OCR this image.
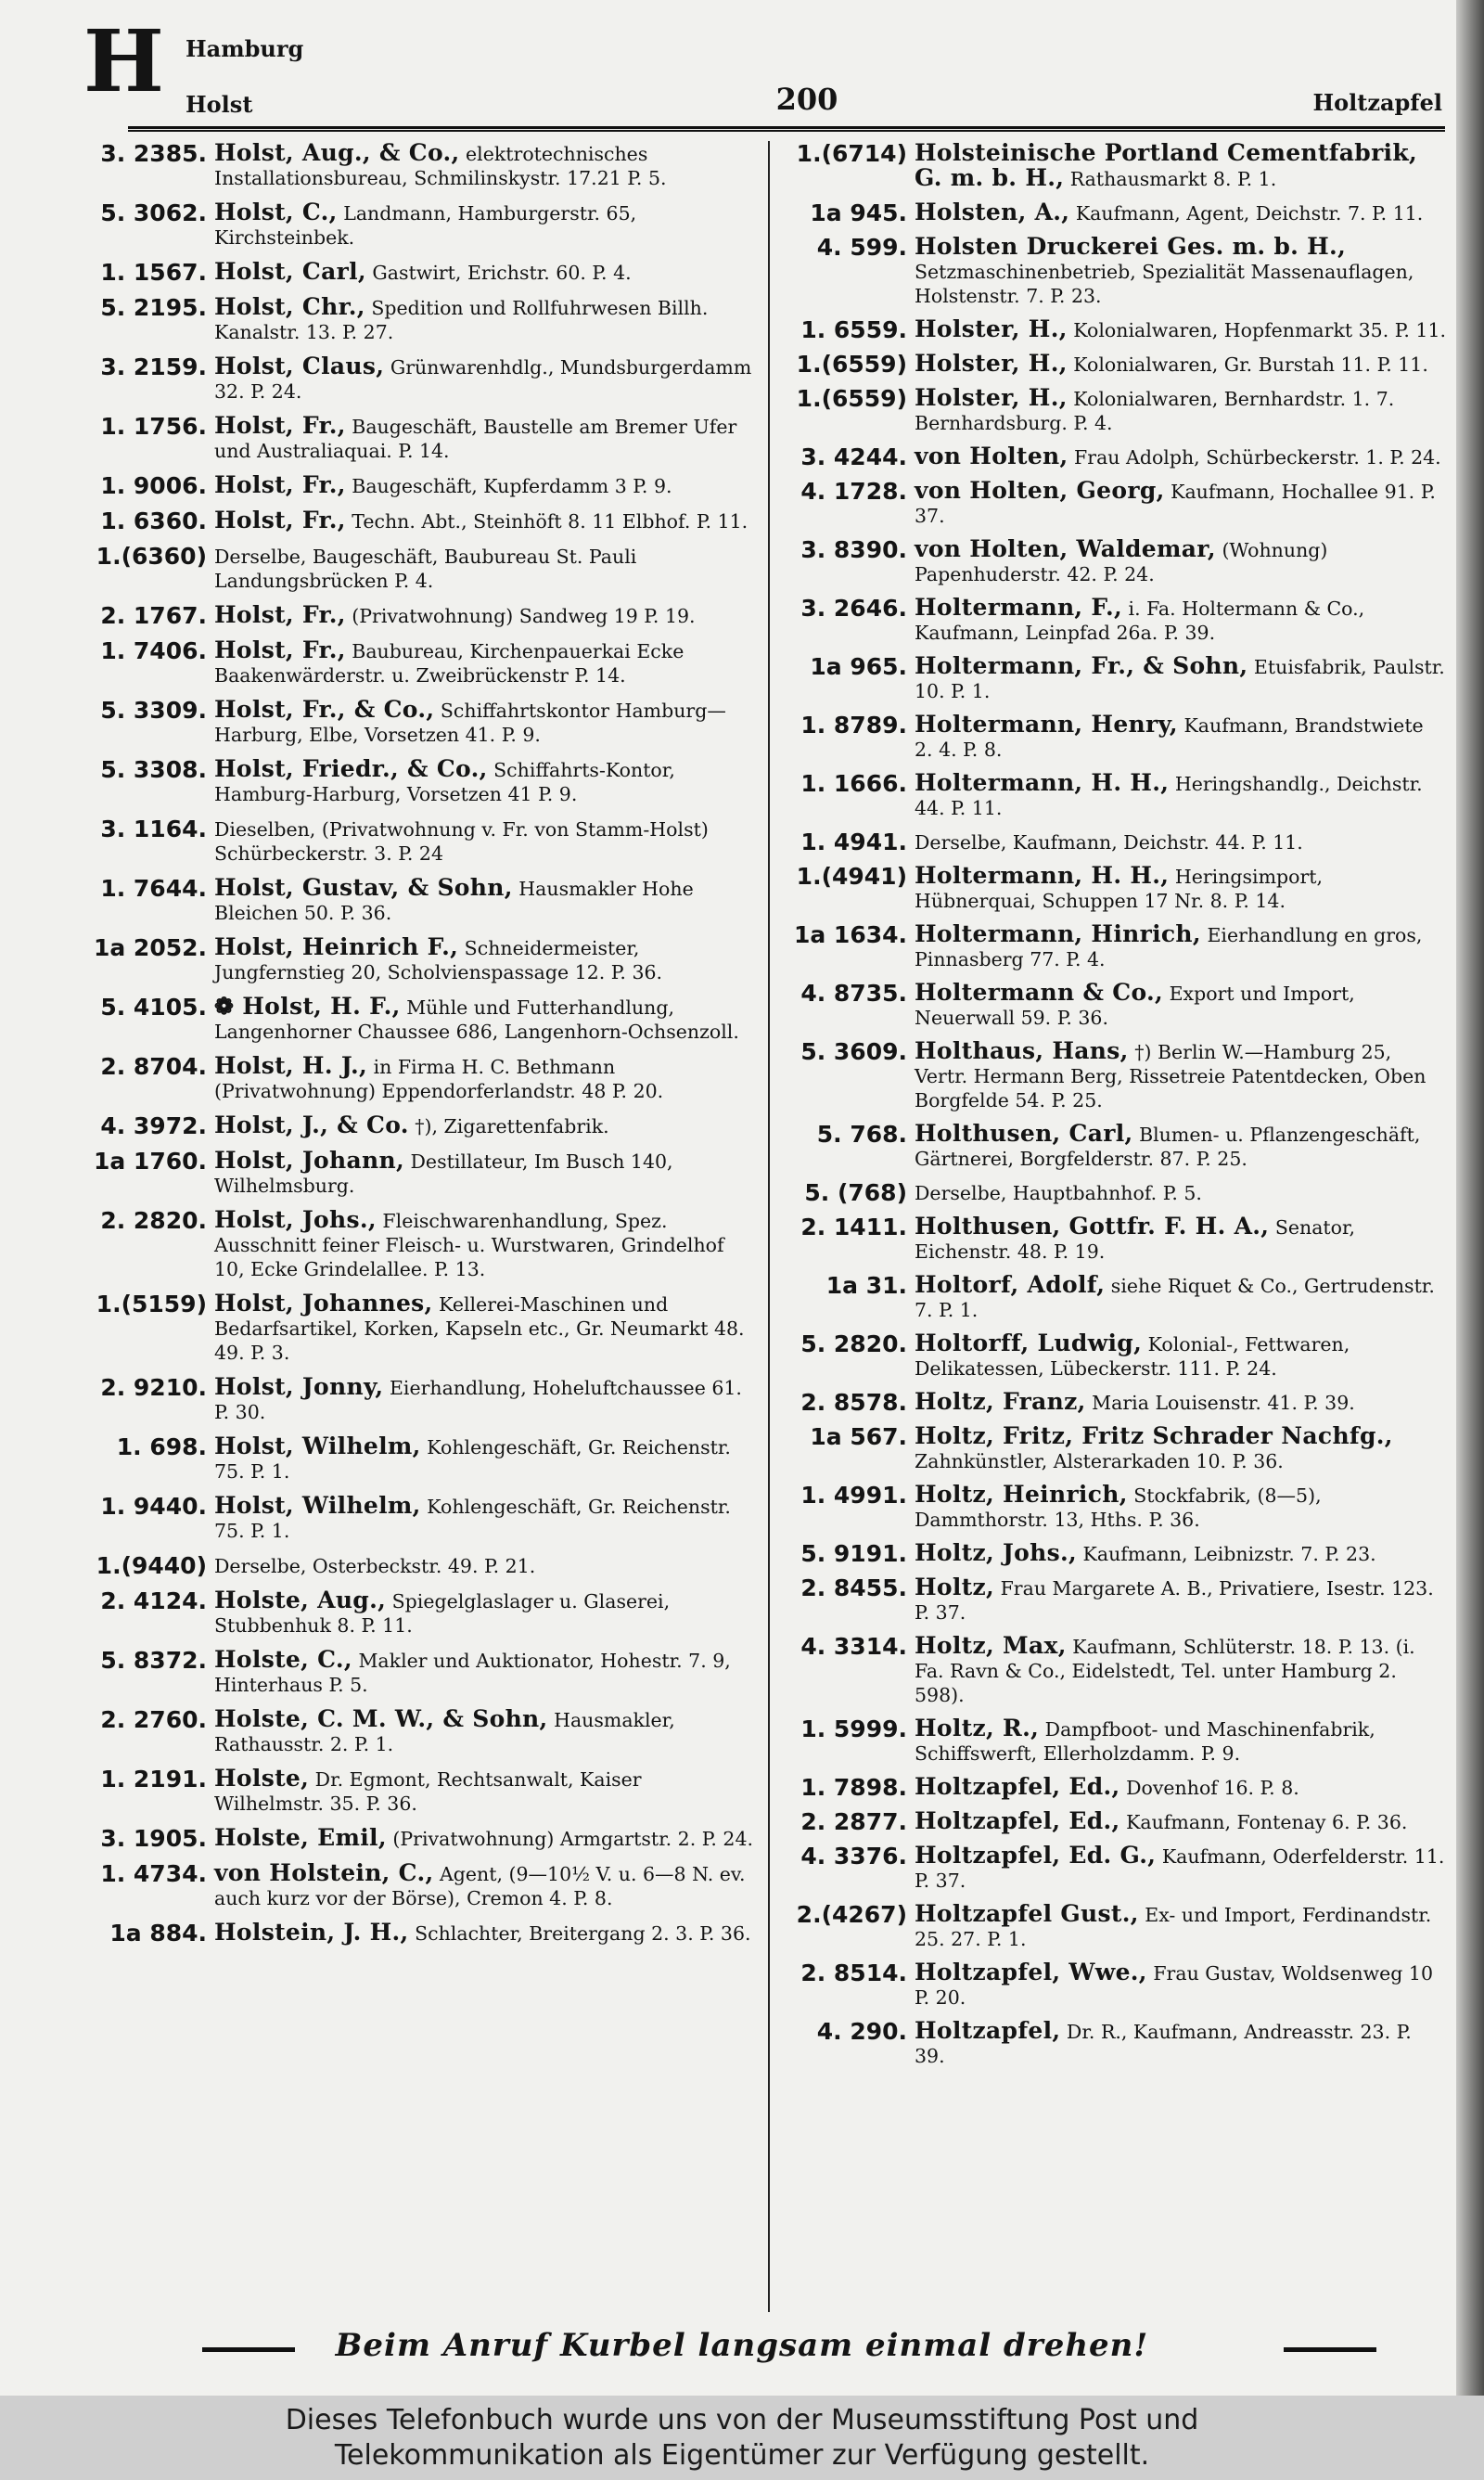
H Hamburg
Holst	200	Holtzapfel
3. 2385. Holst, Aug., & Co., elektrotechnisches Installationsbureau, Schmilinskystr. 17.21 P. 5.
5. 3062. Holst, C., Landmann, Hamburgerstr. 65, Kirchsteinbek.
1. 1567. Holst, Carl, Gastwirt, Erichstr. 60. P. 4.
5. 2195. Holst, Chr., Spedition und Rollfuhrwesen Billh. Kanalstr. 13. P. 27.
3. 2159. Holst, Claus, Grünwarenhdlg., Mundsburgerdamm 32. P. 24.
1. 1756. Holst, Fr., Baugeschäft, Baustelle am Bremer Ufer und Australiaquai. P. 14.
1. 9006. Holst, Fr., Baugeschäft, Kupferdamm 3 P. 9.
1. 6360. Holst, Fr., Techn. Abt., Steinhöft 8. 11 Elbhof. P. 11.
1.(6360) Derselbe, Baugeschäft, Baubureau St. Pauli Landungsbrücken P. 4.
2. 1767. Holst, Fr., (Privatwohnung) Sandweg 19 P. 19.
1. 7406. Holst, Fr., Baubureau, Kirchenpauerkai Ecke Baakenwärderstr. u. Zweibrückenstr P. 14.
5. 3309. Holst, Fr., & Co., Schiffahrtskontor Hamburg—Harburg, Elbe, Vorsetzen 41. P. 9.
5. 3308. Holst, Friedr., & Co., Schiffahrts-Kontor, Hamburg-Harburg, Vorsetzen 41 P. 9.
3. 1164. Dieselben, (Privatwohnung v. Fr. von Stamm-Holst) Schürbeckerstr. 3. P. 24
1. 7644. Holst, Gustav, & Sohn, Hausmakler Hohe Bleichen 50. P. 36.
1a 2052. Holst, Heinrich F., Schneidermeister, Jungfernstieg 20, Scholvienspassage 12. P. 36.
5. 4105. ❁ Holst, H. F., Mühle und Futterhandlung, Langenhorner Chaussee 686, Langenhorn-Ochsenzoll.
2. 8704. Holst, H. J., in Firma H. C. Bethmann (Privatwohnung) Eppendorferlandstr. 48 P. 20.
4. 3972. Holst, J., & Co. †), Zigarettenfabrik.
1a 1760. Holst, Johann, Destillateur, Im Busch 140, Wilhelmsburg.
2. 2820. Holst, Johs., Fleischwarenhandlung, Spez. Ausschnitt feiner Fleisch- u. Wurstwaren, Grindelhof 10, Ecke Grindelallee. P. 13.
1.(5159) Holst, Johannes, Kellerei-Maschinen und Bedarfsartikel, Korken, Kapseln etc., Gr. Neumarkt 48. 49. P. 3.
2. 9210. Holst, Jonny, Eierhandlung, Hoheluftchaussee 61. P. 30.
1. 698. Holst, Wilhelm, Kohlengeschäft, Gr. Reichenstr. 75. P. 1.
1. 9440. Holst, Wilhelm, Kohlengeschäft, Gr. Reichenstr. 75. P. 1.
1.(9440) Derselbe, Osterbeckstr. 49. P. 21.
2. 4124. Holste, Aug., Spiegelglaslager u. Glaserei, Stubbenhuk 8. P. 11.
5. 8372. Holste, C., Makler und Auktionator, Hohestr. 7. 9, Hinterhaus P. 5.
2. 2760. Holste, C. M. W., & Sohn, Hausmakler, Rathausstr. 2. P. 1.
1. 2191. Holste, Dr. Egmont, Rechtsanwalt, Kaiser Wilhelmstr. 35. P. 36.
3. 1905. Holste, Emil, (Privatwohnung) Armgartstr. 2. P. 24.
1. 4734. von Holstein, C., Agent, (9—10½ V. u. 6—8 N. ev. auch kurz vor der Börse), Cremon 4. P. 8.
1a 884. Holstein, J. H., Schlachter, Breitergang 2. 3. P. 36.
1.(6714) Holsteinische Portland Cementfabrik, G. m. b. H., Rathausmarkt 8. P. 1.
1a 945. Holsten, A., Kaufmann, Agent, Deichstr. 7. P. 11.
4. 599. Holsten Druckerei Ges. m. b. H., Setzmaschinenbetrieb, Spezialität Massenauflagen, Holstenstr. 7. P. 23.
1. 6559. Holster, H., Kolonialwaren, Hopfenmarkt 35. P. 11.
1.(6559) Holster, H., Kolonialwaren, Gr. Burstah 11. P. 11.
1.(6559) Holster, H., Kolonialwaren, Bernhardstr. 1. 7. Bernhardsburg. P. 4.
3. 4244. von Holten, Frau Adolph, Schürbeckerstr. 1. P. 24.
4. 1728. von Holten, Georg, Kaufmann, Hochallee 91. P. 37.
3. 8390. von Holten, Waldemar, (Wohnung) Papenhuderstr. 42. P. 24.
3. 2646. Holtermann, F., i. Fa. Holtermann & Co., Kaufmann, Leinpfad 26a. P. 39.
1a 965. Holtermann, Fr., & Sohn, Etuisfabrik, Paulstr. 10. P. 1.
1. 8789. Holtermann, Henry, Kaufmann, Brandstwiete 2. 4. P. 8.
1. 1666. Holtermann, H. H., Heringshandlg., Deichstr. 44. P. 11.
1. 4941. Derselbe, Kaufmann, Deichstr. 44. P. 11.
1.(4941) Holtermann, H. H., Heringsimport, Hübnerquai, Schuppen 17 Nr. 8. P. 14.
1a 1634. Holtermann, Hinrich, Eierhandlung en gros, Pinnasberg 77. P. 4.
4. 8735. Holtermann & Co., Export und Import, Neuerwall 59. P. 36.
5. 3609. Holthaus, Hans, †) Berlin W.—Hamburg 25, Vertr. Hermann Berg, Rissetreie Patentdecken, Oben Borgfelde 54. P. 25.
5. 768. Holthusen, Carl, Blumen- u. Pflanzengeschäft, Gärtnerei, Borgfelderstr. 87. P. 25.
5. (768) Derselbe, Hauptbahnhof. P. 5.
2. 1411. Holthusen, Gottfr. F. H. A., Senator, Eichenstr. 48. P. 19.
1a 31. Holtorf, Adolf, siehe Riquet & Co., Gertrudenstr. 7. P. 1.
5. 2820. Holtorff, Ludwig, Kolonial-, Fettwaren, Delikatessen, Lübeckerstr. 111. P. 24.
2. 8578. Holtz, Franz, Maria Louisenstr. 41. P. 39.
1a 567. Holtz, Fritz, Fritz Schrader Nachfg., Zahnkünstler, Alsterarkaden 10. P. 36.
1. 4991. Holtz, Heinrich, Stockfabrik, (8—5), Dammthorstr. 13, Hths. P. 36.
5. 9191. Holtz, Johs., Kaufmann, Leibnizstr. 7. P. 23.
2. 8455. Holtz, Frau Margarete A. B., Privatiere, Isestr. 123. P. 37.
4. 3314. Holtz, Max, Kaufmann, Schlüterstr. 18. P. 13. (i. Fa. Ravn & Co., Eidelstedt, Tel. unter Hamburg 2. 598).
1. 5999. Holtz, R., Dampfboot- und Maschinenfabrik, Schiffswerft, Ellerholzdamm. P. 9.
1. 7898. Holtzapfel, Ed., Dovenhof 16. P. 8.
2. 2877. Holtzapfel, Ed., Kaufmann, Fontenay 6. P. 36.
4. 3376. Holtzapfel, Ed. G., Kaufmann, Oderfelderstr. 11. P. 37.
2.(4267) Holtzapfel Gust., Ex- und Import, Ferdinandstr. 25. 27. P. 1.
2. 8514. Holtzapfel, Wwe., Frau Gustav, Woldsenweg 10 P. 20.
4. 290. Holtzapfel, Dr. R., Kaufmann, Andreasstr. 23. P. 39.
Beim Anruf Kurbel langsam einmal drehen!
Dieses Telefonbuch wurde uns von der Museumsstiftung Post und
Telekommunikation als Eigentümer zur Verfügung gestellt.
